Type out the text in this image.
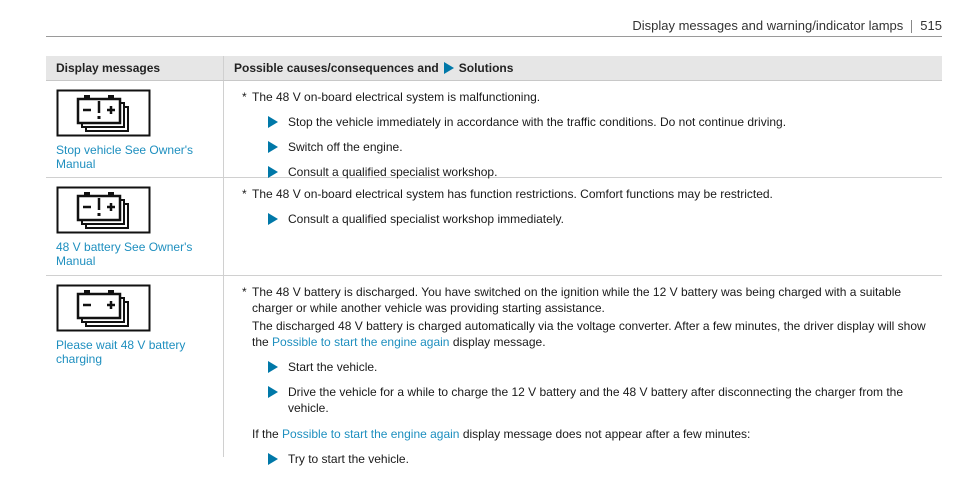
Display messages and warning/indicator lamps 515
Display messages	Possible causes/consequences and Solutions
Stop vehicle See Owner's Manual
* The 48 V on-board electrical system is malfunctioning.
Stop the vehicle immediately in accordance with the traffic conditions. Do not continue driving.
Switch off the engine.
Consult a qualified specialist workshop.
48 V battery See Owner's Manual
* The 48 V on-board electrical system has function restrictions. Comfort functions may be restricted.
Consult a qualified specialist workshop immediately.
Please wait 48 V battery charging
* The 48 V battery is discharged. You have switched on the ignition while the 12 V battery was being charged with a suitable charger or while another vehicle was providing starting assistance.
The discharged 48 V battery is charged automatically via the voltage converter. After a few minutes, the driver display will show the Possible to start the engine again display message.
Start the vehicle.
Drive the vehicle for a while to charge the 12 V battery and the 48 V battery after disconnecting the charger from the vehicle.
If the Possible to start the engine again display message does not appear after a few minutes:
Try to start the vehicle.
